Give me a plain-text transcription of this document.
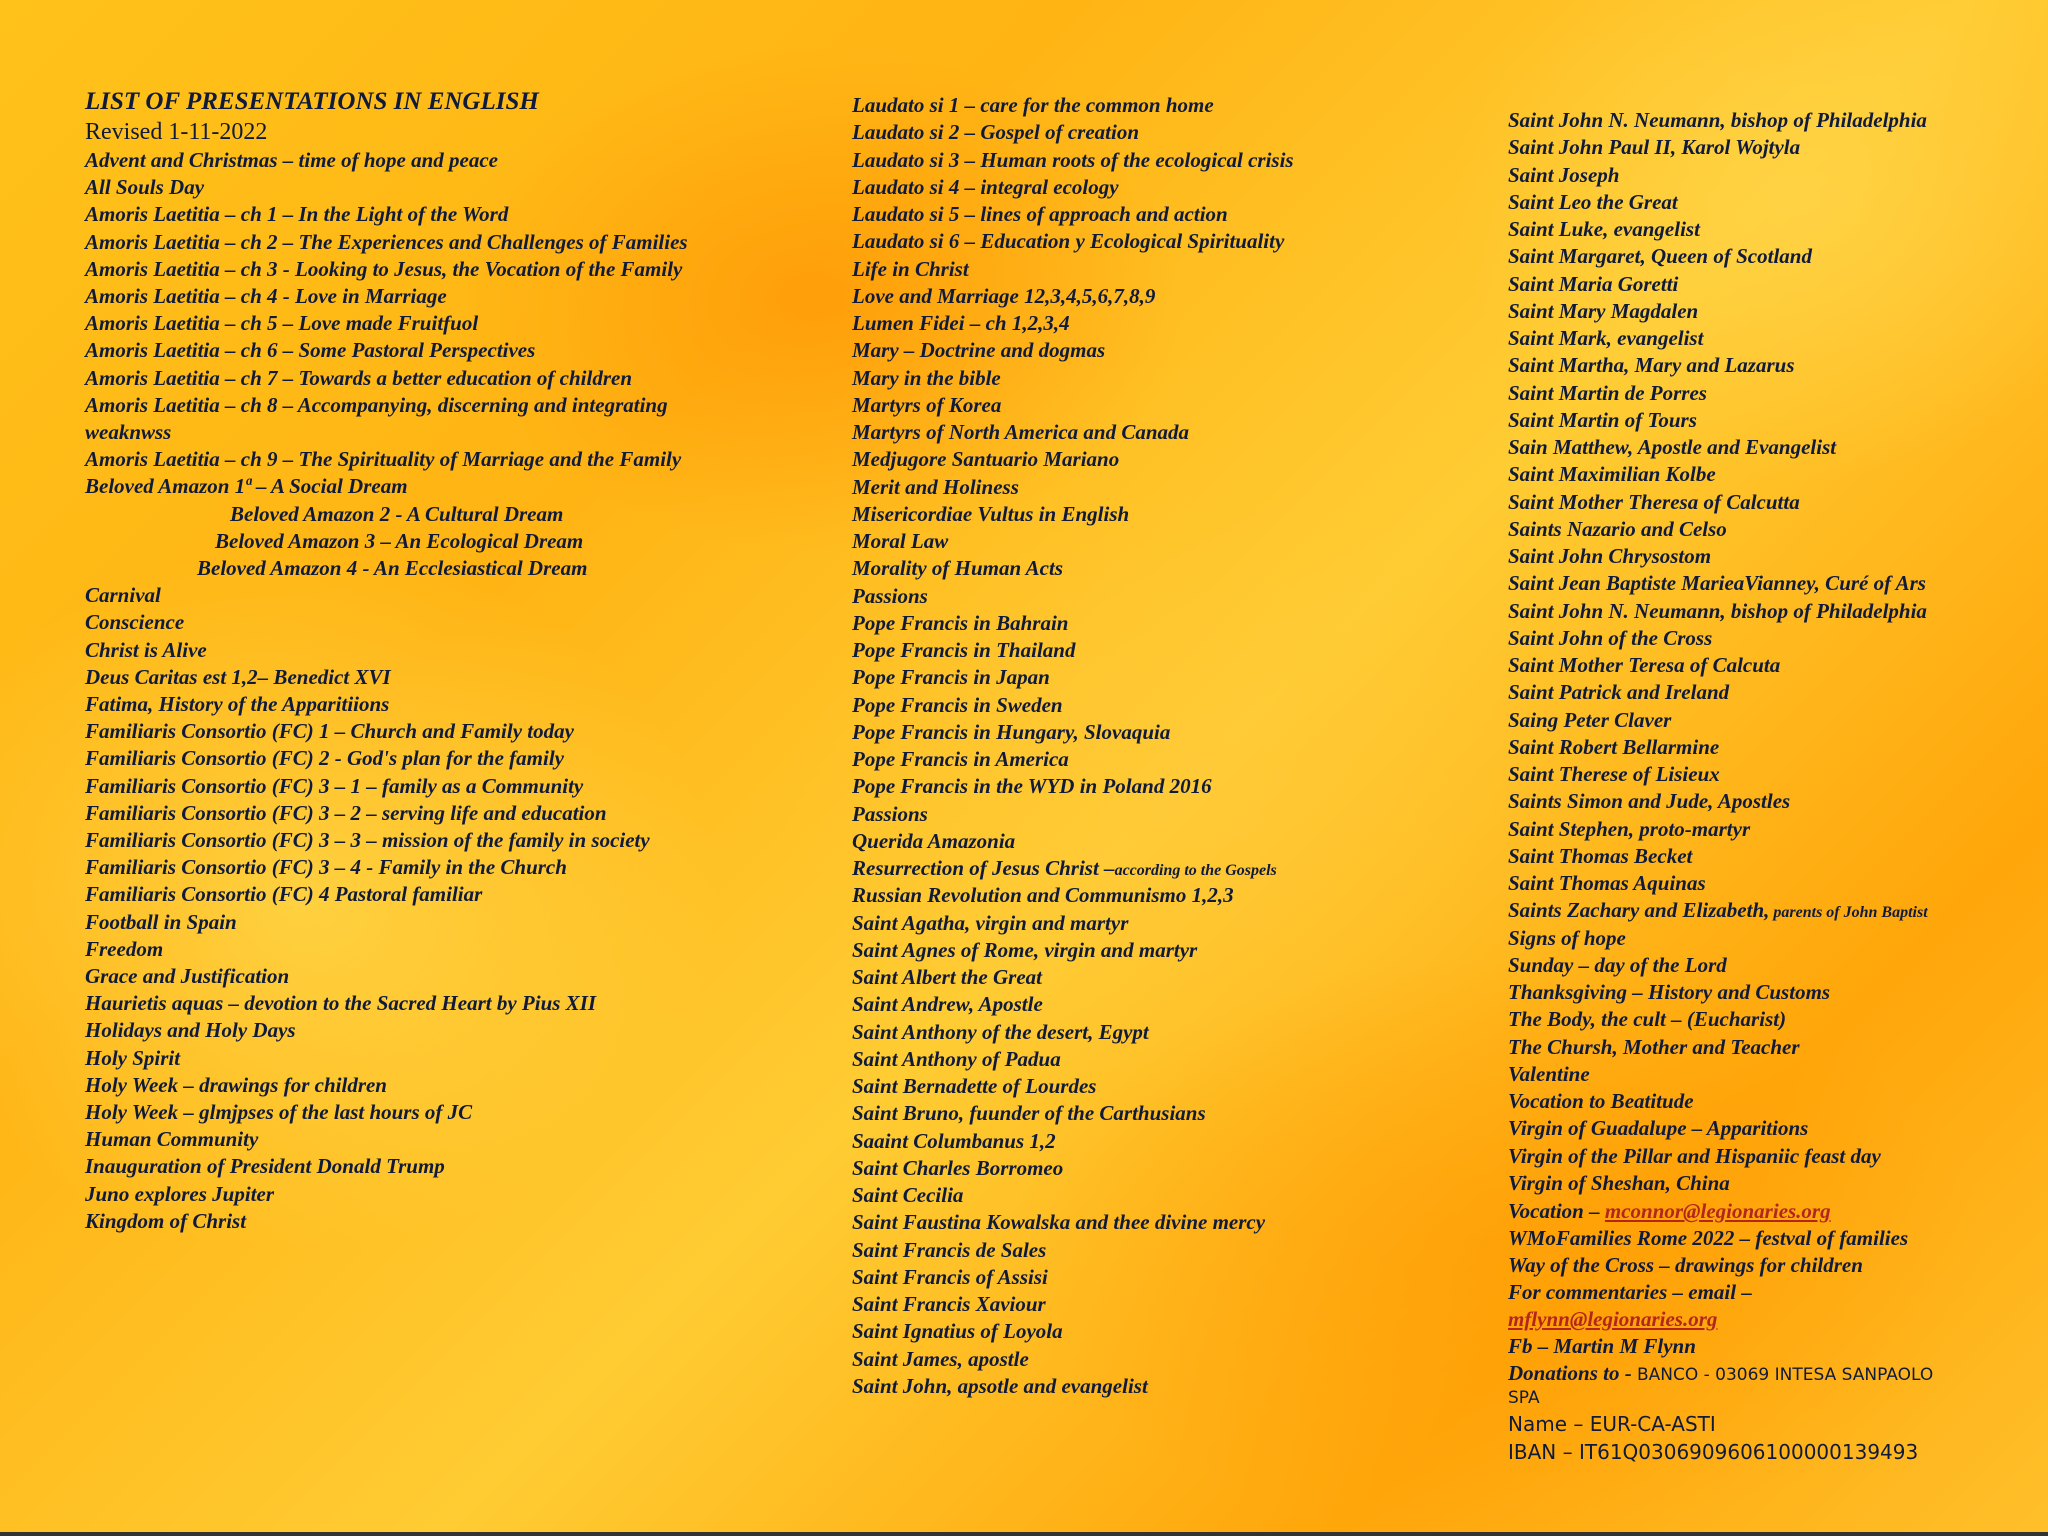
LIST OF PRESENTATIONS IN ENGLISH
Revised 1-11-2022
Advent and Christmas – time of hope and peace
All Souls Day
Amoris Laetitia – ch 1 – In the Light of the Word
Amoris Laetitia – ch 2 – The Experiences and Challenges of Families
Amoris Laetitia – ch 3 - Looking to Jesus, the Vocation of the Family
Amoris Laetitia – ch 4 - Love in Marriage
Amoris Laetitia – ch 5 – Love made Fruitfuol
Amoris Laetitia – ch 6 – Some Pastoral Perspectives
Amoris Laetitia – ch 7 – Towards a better education of children
Amoris Laetitia – ch 8 – Accompanying, discerning and integrating
weaknwss
Amoris Laetitia – ch 9 – The Spirituality of Marriage and the Family
Beloved Amazon 1ª – A Social Dream
Beloved Amazon 2 - A Cultural Dream
Beloved Amazon 3 – An Ecological Dream
Beloved Amazon 4 - An Ecclesiastical Dream
Carnival
Conscience
Christ is Alive
Deus Caritas est 1,2– Benedict XVI
Fatima, History of the Apparitiions
Familiaris Consortio (FC) 1 – Church and Family today
Familiaris Consortio (FC) 2 - God's plan for the family
Familiaris Consortio (FC) 3 – 1 – family as a Community
Familiaris Consortio (FC) 3 – 2 – serving life and education
Familiaris Consortio (FC) 3 – 3 – mission of the family in society
Familiaris Consortio (FC) 3 – 4 - Family in the Church
Familiaris Consortio (FC) 4 Pastoral familiar
Football in Spain
Freedom
Grace and Justification
Haurietis aquas – devotion to the Sacred Heart by Pius XII
Holidays and Holy Days
Holy Spirit
Holy Week – drawings for children
Holy Week – glmjpses of the last hours of JC
Human Community
Inauguration of President Donald Trump
Juno explores Jupiter
Kingdom of Christ
Laudato si 1 – care for the common home
Laudato si 2 – Gospel of creation
Laudato si 3 – Human roots of the ecological crisis
Laudato si 4 – integral ecology
Laudato si 5 – lines of approach and action
Laudato si 6 – Education y Ecological Spirituality
Life in Christ
Love and Marriage 12,3,4,5,6,7,8,9
Lumen Fidei – ch 1,2,3,4
Mary – Doctrine and dogmas
Mary in the bible
Martyrs of Korea
Martyrs of North America and Canada
Medjugore Santuario Mariano
Merit and Holiness
Misericordiae Vultus in English
Moral Law
Morality of Human Acts
Passions
Pope Francis in Bahrain
Pope Francis in Thailand
Pope Francis in Japan
Pope Francis in Sweden
Pope Francis in Hungary, Slovaquia
Pope Francis in America
Pope Francis in the WYD in Poland 2016
Passions
Querida Amazonia
Resurrection of Jesus Christ –according to the Gospels
Russian Revolution and Communismo 1,2,3
Saint Agatha, virgin and martyr
Saint Agnes of Rome, virgin and martyr
Saint Albert the Great
Saint Andrew, Apostle
Saint Anthony of the desert, Egypt
Saint Anthony of Padua
Saint Bernadette of Lourdes
Saint Bruno, fuunder of the Carthusians
Saaint Columbanus 1,2
Saint Charles Borromeo
Saint Cecilia
Saint Faustina Kowalska and thee divine mercy
Saint Francis de Sales
Saint Francis of Assisi
Saint Francis Xaviour
Saint Ignatius of Loyola
Saint James, apostle
Saint John, apsotle and evangelist
Saint John N. Neumann, bishop of Philadelphia
Saint John Paul II, Karol Wojtyla
Saint Joseph
Saint Leo the Great
Saint Luke, evangelist
Saint Margaret, Queen of Scotland
Saint Maria Goretti
Saint Mary Magdalen
Saint Mark, evangelist
Saint Martha, Mary and Lazarus
Saint Martin de Porres
Saint Martin of Tours
Sain Matthew, Apostle and Evangelist
Saint Maximilian Kolbe
Saint Mother Theresa of Calcutta
Saints Nazario and Celso
Saint John Chrysostom
Saint Jean Baptiste MarieaVianney, Curé of Ars
Saint John N. Neumann, bishop of Philadelphia
Saint John of the Cross
Saint Mother Teresa of Calcuta
Saint Patrick and Ireland
Saing Peter Claver
Saint Robert Bellarmine
Saint Therese of Lisieux
Saints Simon and Jude, Apostles
Saint Stephen, proto-martyr
Saint Thomas Becket
Saint Thomas Aquinas
Saints Zachary and Elizabeth, parents of John Baptist
Signs of hope
Sunday – day of the Lord
Thanksgiving – History and Customs
The Body, the cult – (Eucharist)
The Chursh, Mother and Teacher
Valentine
Vocation to Beatitude
Virgin of Guadalupe – Apparitions
Virgin of the Pillar and Hispaniic feast day
Virgin of Sheshan, China
Vocation – mconnor@legionaries.org
WMoFamilies Rome 2022 – festval of families
Way of the Cross – drawings for children
For commentaries – email –
mflynn@legionaries.org
Fb – Martin M Flynn
Donations to - BANCO - 03069 INTESA SANPAOLO
SPA
Name – EUR-CA-ASTI
IBAN – IT61Q0306909606100000139493
